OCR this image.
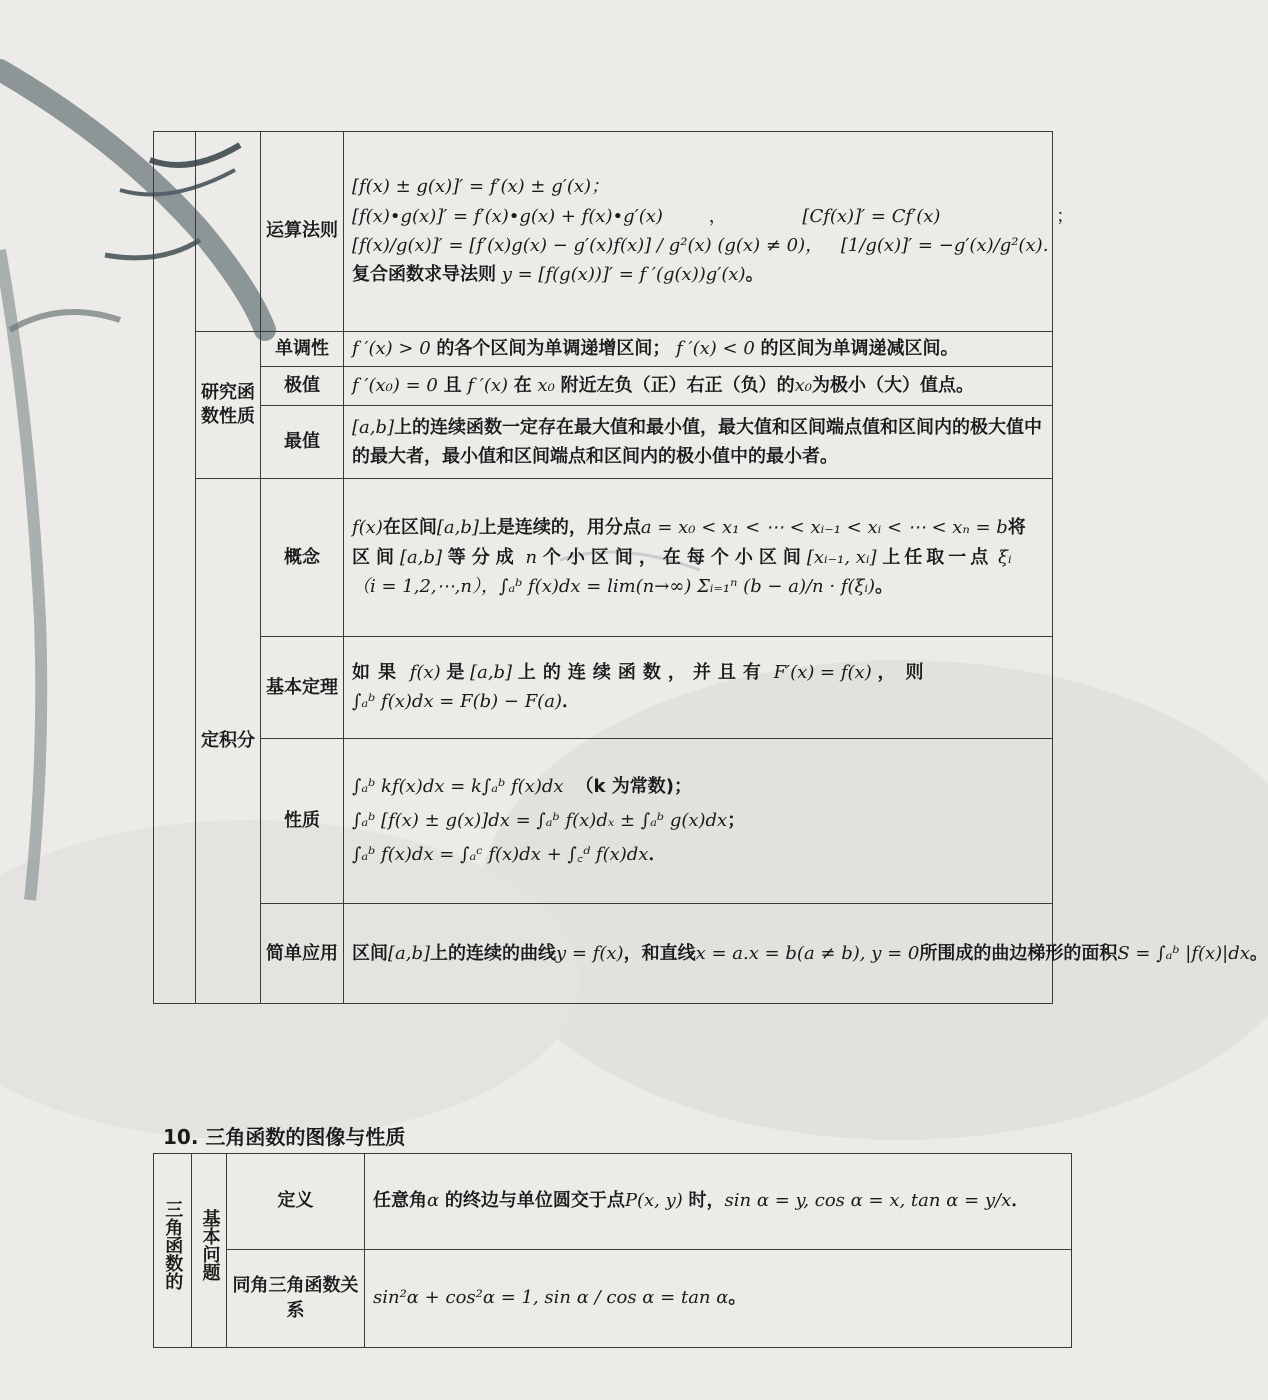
		运算法则	[f(x) ± g(x)]′ = f′(x) ± g′(x)；
[f(x)•g(x)]′ = f′(x)•g(x) + f(x)•g′(x) ， [Cf(x)]′ = Cf′(x) ；
[f(x)/g(x)]′ = [f′(x)g(x) − g′(x)f(x)] / g²(x) (g(x) ≠ 0)， [1/g(x)]′ = −g′(x)/g²(x)．
复合函数求导法则 y = [f(g(x))]′ = f ′(g(x))g′(x)。

	研究函数性质	单调性	f ′(x) > 0 的各个区间为单调递增区间； f ′(x) < 0 的区间为单调递减区间。

		极值	f ′(x₀) = 0 且 f ′(x) 在 x₀ 附近左负（正）右正（负）的x₀为极小（大）值点。

		最值	[a,b]上的连续函数一定存在最大值和最小值，最大值和区间端点值和区间内的极大值中的最大者，最小值和区间端点和区间内的极小值中的最小者。
	定积分	概念	f(x)在区间[a,b]上是连续的，用分点a = x₀ < x₁ < ⋯ < xᵢ₋₁ < xᵢ < ⋯ < xₙ = b将
区间[a,b] 等分成 n 个小区间，在每个小区间[xᵢ₋₁, xᵢ] 上任取一点 ξᵢ
（i = 1,2,⋯,n），∫ₐᵇ f(x)dx = lim(n→∞) Σᵢ₌₁ⁿ (b − a)/n · f(ξᵢ)。

		基本定理	如果 f(x) 是 [a,b] 上的连续函数，并且有 F′(x) = f(x) ，则
∫ₐᵇ f(x)dx = F(b) − F(a)．

		性质	∫ₐᵇ kf(x)dx = k∫ₐᵇ f(x)dx （k 为常数)；
∫ₐᵇ [f(x) ± g(x)]dx = ∫ₐᵇ f(x)dₓ ± ∫ₐᵇ g(x)dx；
∫ₐᵇ f(x)dx = ∫ₐᶜ f(x)dx + ∫꜀ᵈ f(x)dx．

		简单应用	区间[a,b]上的连续的曲线y = f(x)，和直线x = a.x = b(a ≠ b), y = 0所围成的曲边梯形的面积S = ∫ₐᵇ |f(x)|dx。
10. 三角函数的图像与性质
三角函数的	基本问题	定义	任意角α 的终边与单位圆交于点P(x, y) 时，sin α = y, cos α = x, tan α = y/x．

		同角三角函数关系	sin²α + cos²α = 1, sin α / cos α = tan α。
